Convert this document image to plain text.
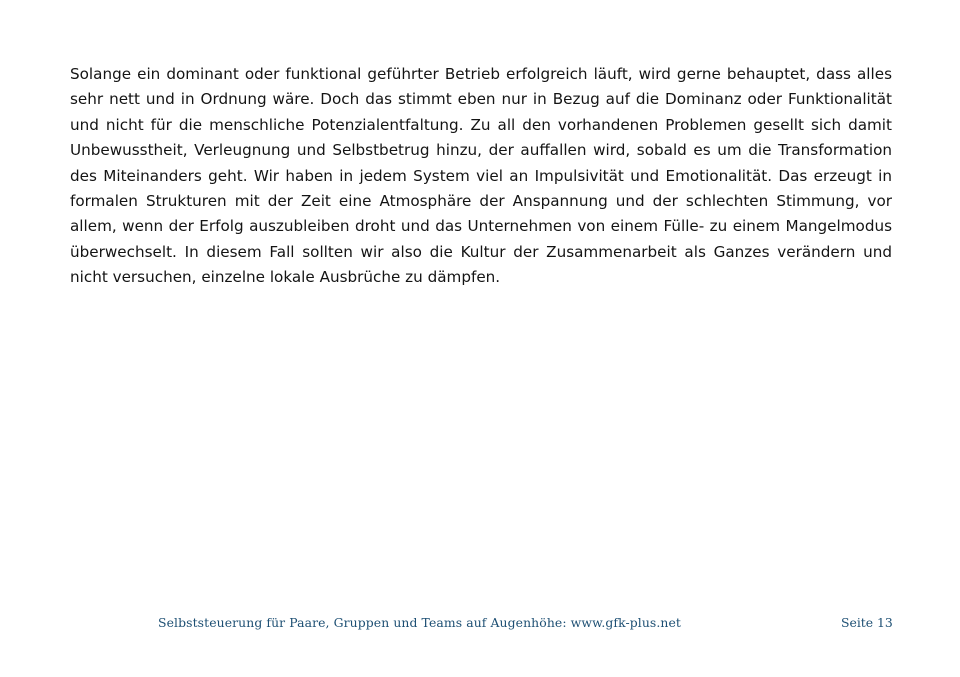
Solange ein dominant oder funktional geführter Betrieb erfolgreich läuft, wird gerne behauptet, dass alles sehr nett und in Ordnung wäre. Doch das stimmt eben nur in Bezug auf die Dominanz oder Funktionalität und nicht für die menschliche Potenzialentfaltung. Zu all den vorhandenen Problemen gesellt sich damit Unbewusstheit, Verleugnung und Selbstbetrug hinzu, der auffallen wird, sobald es um die Transformation des Miteinanders geht. Wir haben in jedem System viel an Impulsivität und Emotionalität. Das erzeugt in formalen Strukturen mit der Zeit eine Atmosphäre der Anspannung und der schlechten Stimmung, vor allem, wenn der Erfolg auszubleiben droht und das Unternehmen von einem Fülle- zu einem Mangelmodus überwechselt. In diesem Fall sollten wir also die Kultur der Zusammenarbeit als Ganzes verändern und nicht versuchen, einzelne lokale Ausbrüche zu dämpfen.

Selbststeuerung für Paare, Gruppen und Teams auf Augenhöhe: www.gfk-plus.net	Seite 13
